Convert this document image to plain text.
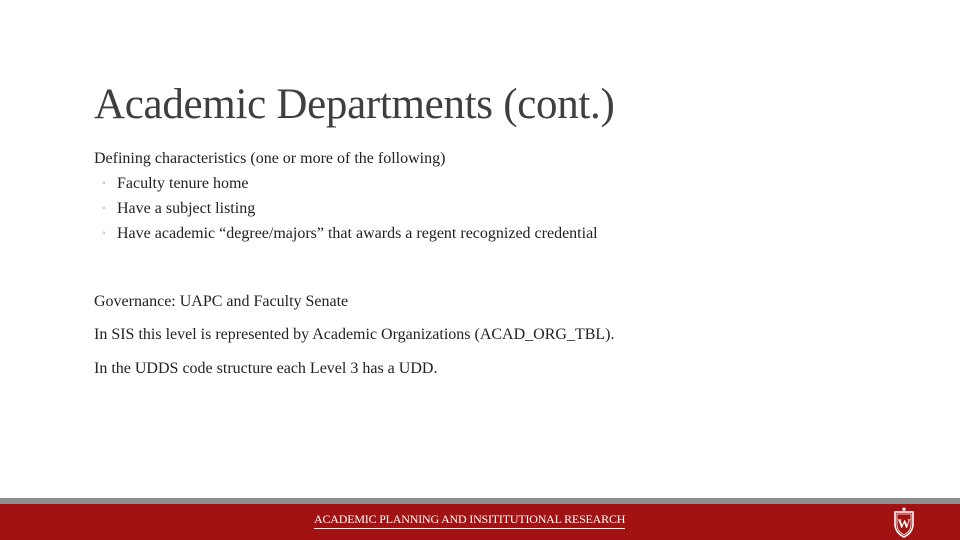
Academic Departments (cont.)

Defining characteristics (one or more of the following)

◦ Faculty tenure home
◦ Have a subject listing
◦ Have academic “degree/majors” that awards a regent recognized credential

Governance: UAPC and Faculty Senate

In SIS this level is represented by Academic Organizations (ACAD_ORG_TBL).

In the UDDS code structure each Level 3 has a UDD.

ACADEMIC PLANNING AND INSITITUTIONAL RESEARCH	W
